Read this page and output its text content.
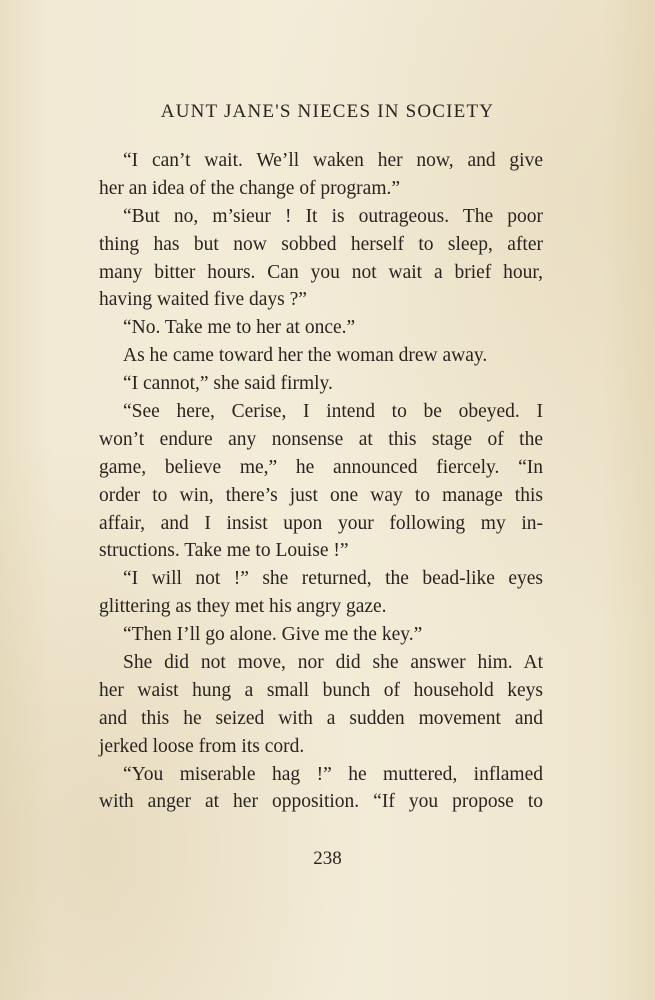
AUNT JANE'S NIECES IN SOCIETY
“I can’t wait. We’ll waken her now, and give
her an idea of the change of program.”
“But no, m’sieur ! It is outrageous. The poor
thing has but now sobbed herself to sleep, after
many bitter hours. Can you not wait a brief hour,
having waited five days ?”
“No. Take me to her at once.”
As he came toward her the woman drew away.
“I cannot,” she said firmly.
“See here, Cerise, I intend to be obeyed. I
won’t endure any nonsense at this stage of the
game, believe me,” he announced fiercely. “In
order to win, there’s just one way to manage this
affair, and I insist upon your following my in-
structions. Take me to Louise !”
“I will not !” she returned, the bead-like eyes
glittering as they met his angry gaze.
“Then I’ll go alone. Give me the key.”
She did not move, nor did she answer him. At
her waist hung a small bunch of household keys
and this he seized with a sudden movement and
jerked loose from its cord.
“You miserable hag !” he muttered, inflamed
with anger at her opposition. “If you propose to
238
